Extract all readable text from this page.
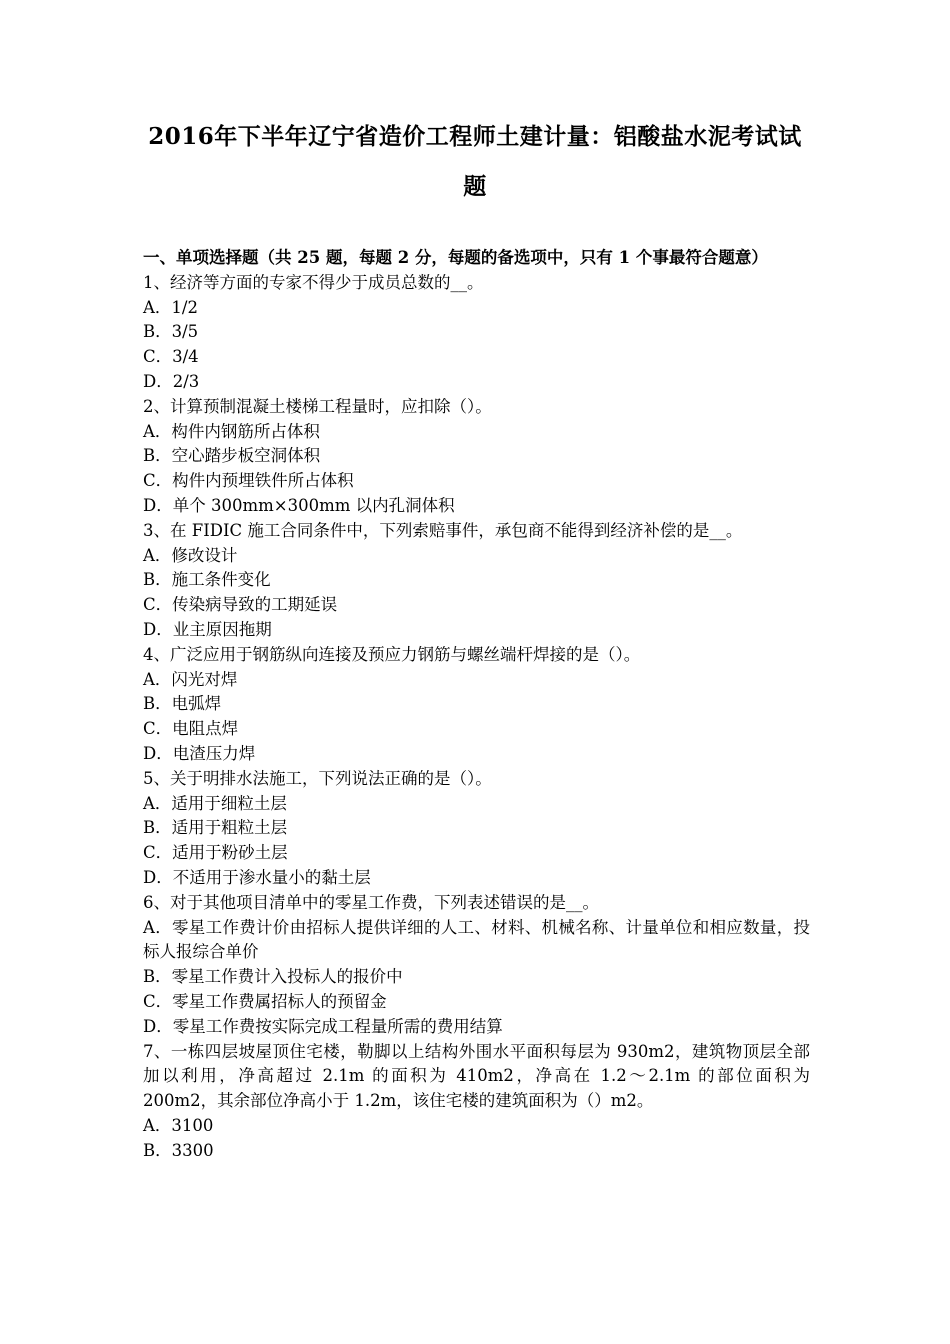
2016年下半年辽宁省造价工程师土建计量：铝酸盐水泥考试试题
一、单项选择题（共 25 题，每题 2 分，每题的备选项中，只有 1 个事最符合题意）

1、经济等方面的专家不得少于成员总数的__。

A．1/2

B．3/5

C．3/4

D．2/3

2、计算预制混凝土楼梯工程量时，应扣除（）。

A．构件内钢筋所占体积

B．空心踏步板空洞体积

C．构件内预埋铁件所占体积

D．单个 300mm×300mm 以内孔洞体积

3、在 FIDIC 施工合同条件中，下列索赔事件，承包商不能得到经济补偿的是__。

A．修改设计

B．施工条件变化

C．传染病导致的工期延误

D．业主原因拖期

4、广泛应用于钢筋纵向连接及预应力钢筋与螺丝端杆焊接的是（）。

A．闪光对焊

B．电弧焊

C．电阻点焊

D．电渣压力焊

5、关于明排水法施工，下列说法正确的是（）。

A．适用于细粒土层

B．适用于粗粒土层

C．适用于粉砂土层

D．不适用于渗水量小的黏土层

6、对于其他项目清单中的零星工作费，下列表述错误的是__。

A．零星工作费计价由招标人提供详细的人工、材料、机械名称、计量单位和相应数量，投标人报综合单价

B．零星工作费计入投标人的报价中

C．零星工作费属招标人的预留金

D．零星工作费按实际完成工程量所需的费用结算

7、一栋四层坡屋顶住宅楼，勒脚以上结构外围水平面积每层为 930m2，建筑物顶层全部加以利用，净高超过 2.1m 的面积为 410m2，净高在 1.2～2.1m 的部位面积为 200m2，其余部位净高小于 1.2m，该住宅楼的建筑面积为（）m2。

A．3100

B．3300
